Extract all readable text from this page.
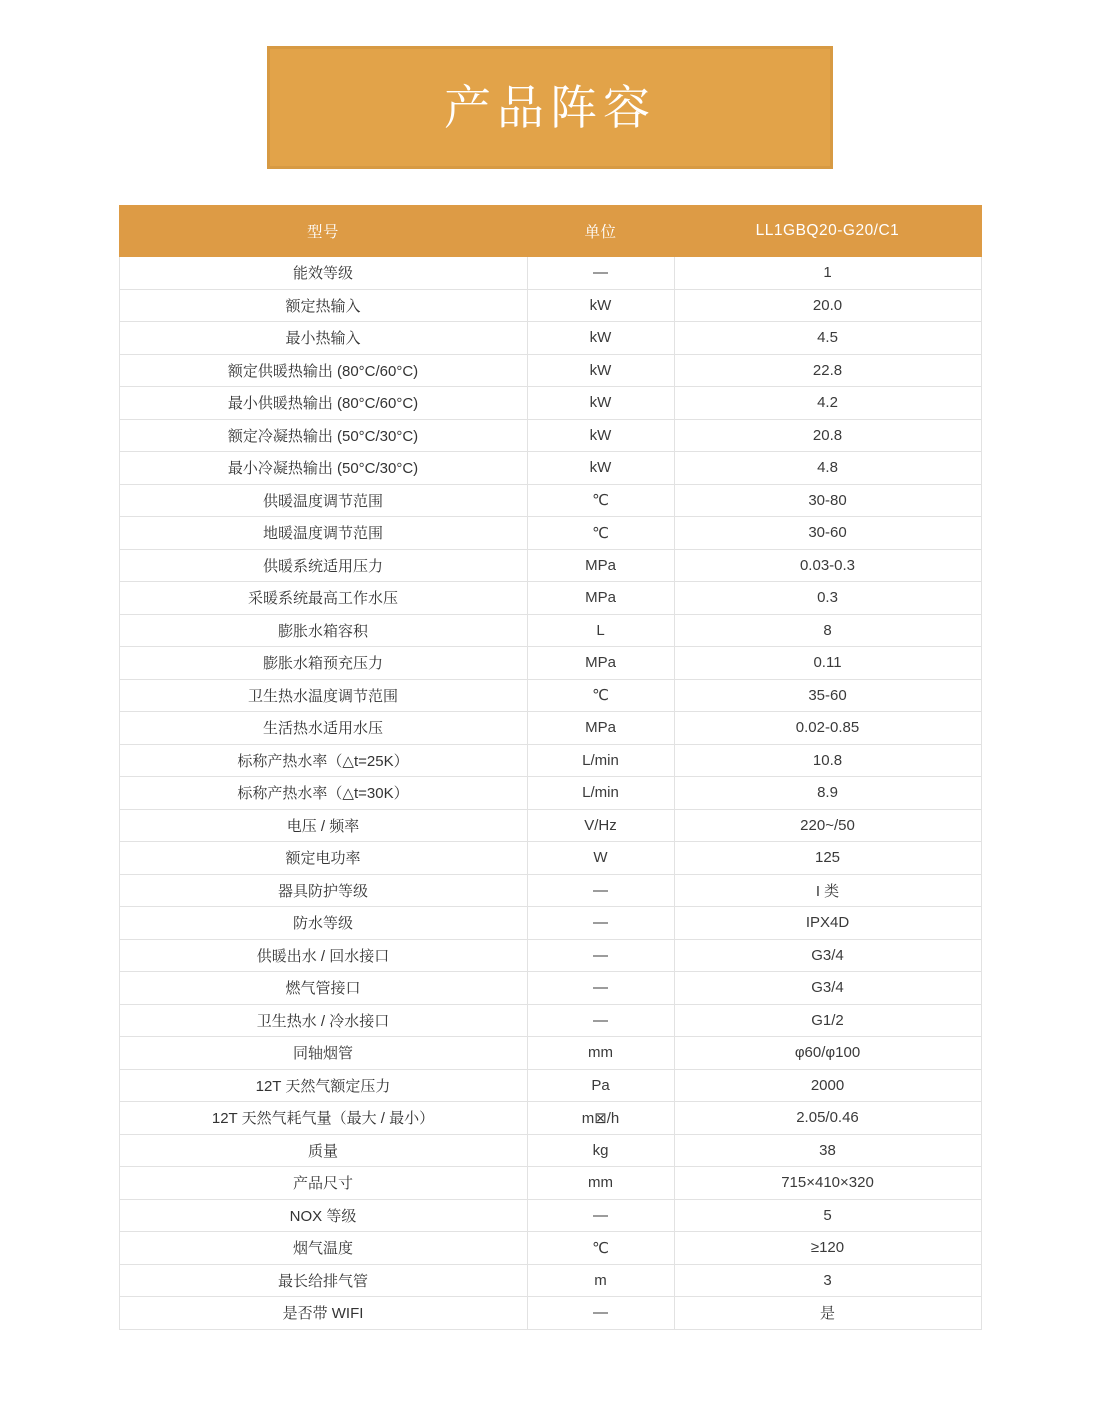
产品阵容
型号	单位	LL1GBQ20-G20/C1
能效等级	—	1
额定热输入	kW	20.0
最小热输入	kW	4.5
额定供暖热输出 (80°C/60°C)	kW	22.8
最小供暖热输出 (80°C/60°C)	kW	4.2
额定冷凝热输出 (50°C/30°C)	kW	20.8
最小冷凝热输出 (50°C/30°C)	kW	4.8
供暖温度调节范围	℃	30-80
地暖温度调节范围	℃	30-60
供暖系统适用压力	MPa	0.03-0.3
采暖系统最高工作水压	MPa	0.3
膨胀水箱容积	L	8
膨胀水箱预充压力	MPa	0.11
卫生热水温度调节范围	℃	35-60
生活热水适用水压	MPa	0.02-0.85
标称产热水率（△t=25K）	L/min	10.8
标称产热水率（△t=30K）	L/min	8.9
电压 / 频率	V/Hz	220~/50
额定电功率	W	125
器具防护等级	—	I 类
防水等级	—	IPX4D
供暖出水 / 回水接口	—	G3/4
燃气管接口	—	G3/4
卫生热水 / 冷水接口	—	G1/2
同轴烟管	mm	φ60/φ100
12T 天然气额定压力	Pa	2000
12T 天然气耗气量（最大 / 最小）	m⊠/h	2.05/0.46
质量	kg	38
产品尺寸	mm	715×410×320
NOX 等级	—	5
烟气温度	℃	≥120
最长给排气管	m	3
是否带 WIFI	—	是
